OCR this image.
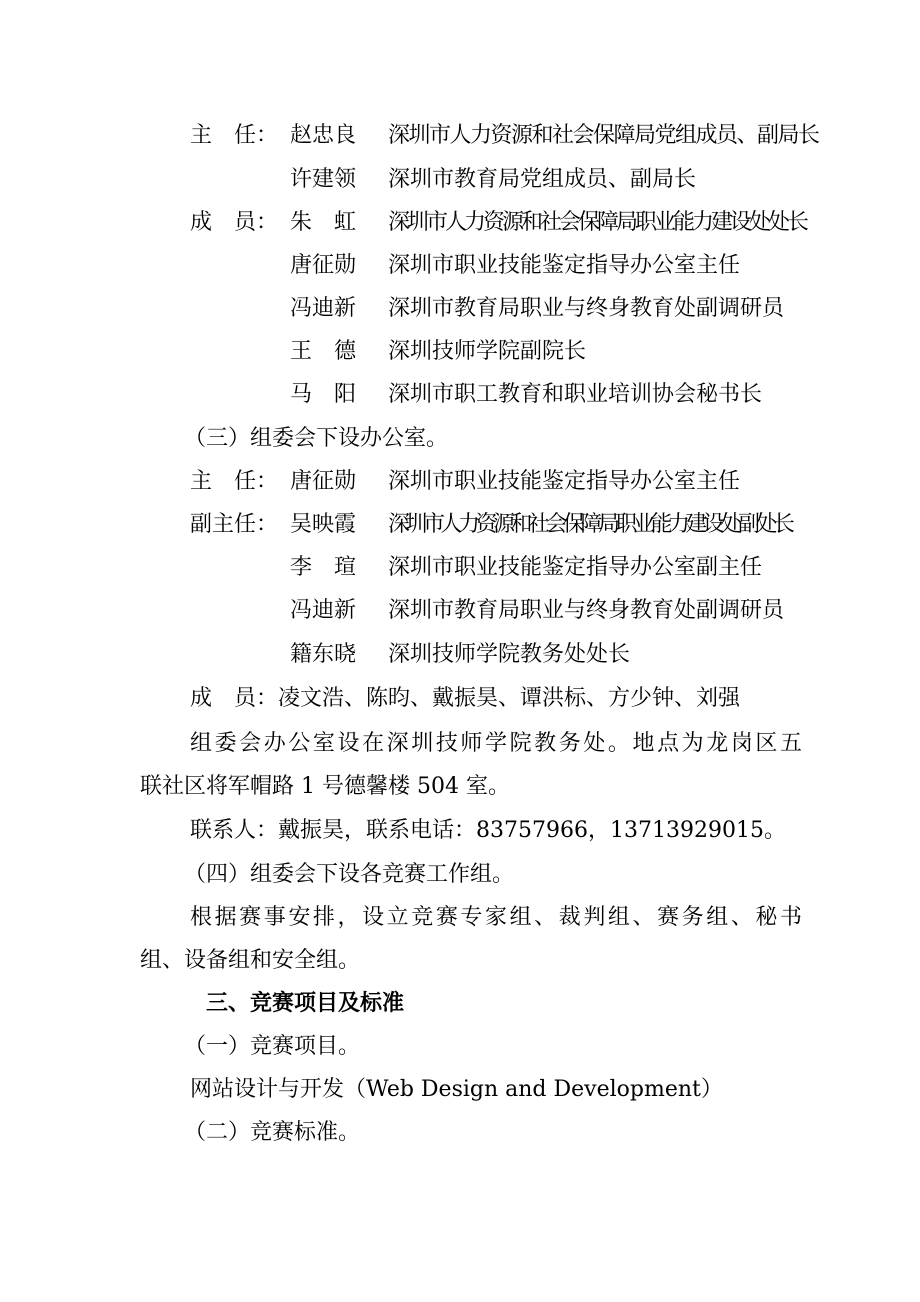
主　任： 赵忠良	深圳市人力资源和社会保障局党组成员、副局长
许建领	深圳市教育局党组成员、副局长
成　员： 朱　虹	深圳市人力资源和社会保障局职业能力建设处处长
唐征勋	深圳市职业技能鉴定指导办公室主任
冯迪新	深圳市教育局职业与终身教育处副调研员
王　德	深圳技师学院副院长
马　阳	深圳市职工教育和职业培训协会秘书长
（三）组委会下设办公室。
主　任： 唐征勋	深圳市职业技能鉴定指导办公室主任
副主任： 吴映霞	深圳市人力资源和社会保障局职业能力建设处副处长
李　瑄	深圳市职业技能鉴定指导办公室副主任
冯迪新	深圳市教育局职业与终身教育处副调研员
籍东晓	深圳技师学院教务处处长
成　员：凌文浩、陈昀、戴振昊、谭洪标、方少钟、刘强
组委会办公室设在深圳技师学院教务处。地点为龙岗区五
联社区将军帽路 1 号德馨楼 504 室。
联系人：戴振昊，联系电话：83757966，13713929015。
（四）组委会下设各竞赛工作组。
根据赛事安排，设立竞赛专家组、裁判组、赛务组、秘书
组、设备组和安全组。
三、竞赛项目及标准
（一）竞赛项目。
网站设计与开发（Web Design and Development）
（二）竞赛标准。
